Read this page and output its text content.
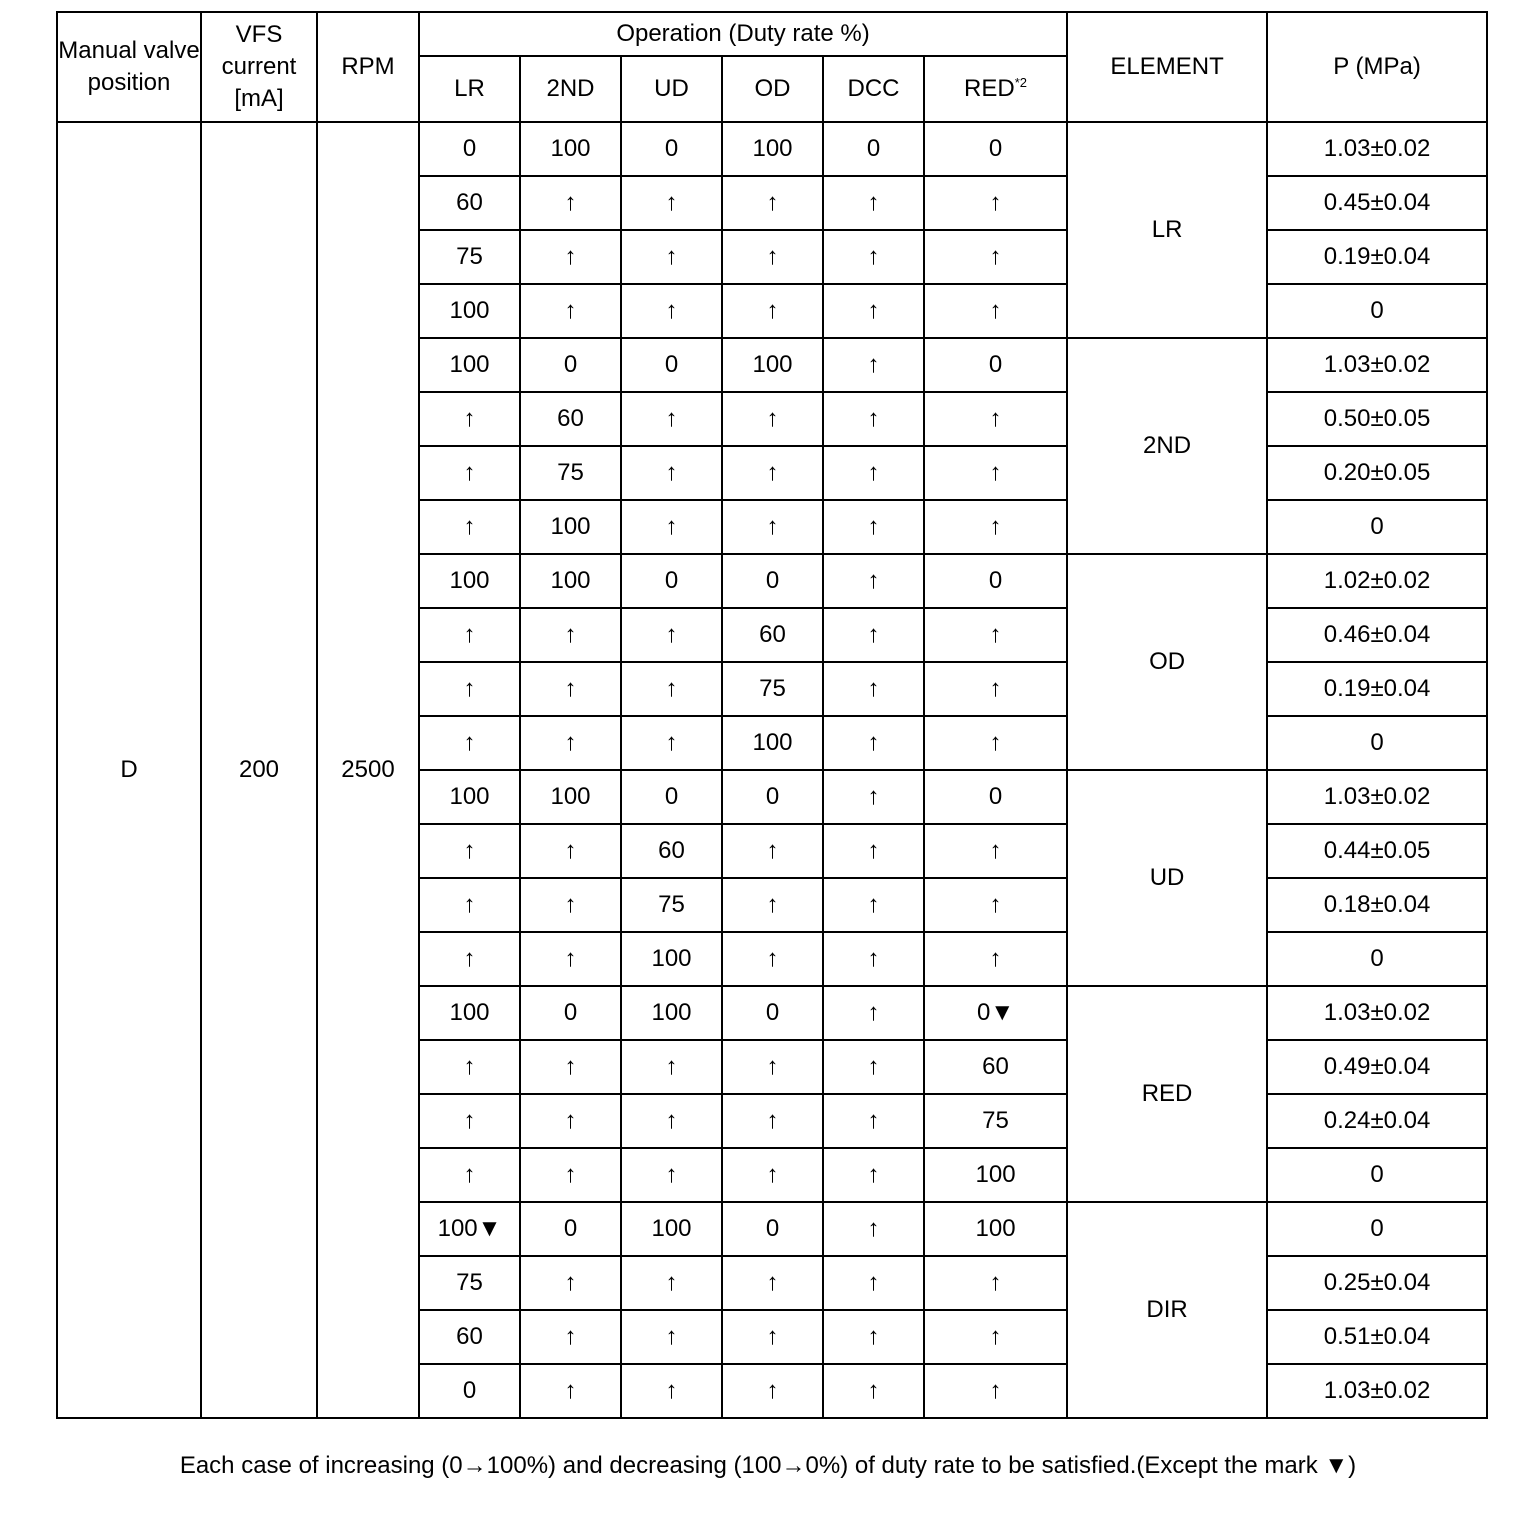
Manual valve position	VFS current [mA]	RPM	Operation (Duty rate %)						ELEMENT	P (MPa)
			LR	2ND	UD	OD	DCC	RED$^{*2}$
D	200	2500	0	100	0	100	0	0	LR	1.03±0.02
			60	↑	↑	↑	↑	↑		0.45±0.04
			75	↑	↑	↑	↑	↑		0.19±0.04
			100	↑	↑	↑	↑	↑		0
			100	0	0	100	↑	0	2ND	1.03±0.02
			↑	60	↑	↑	↑	↑		0.50±0.05
			↑	75	↑	↑	↑	↑		0.20±0.05
			↑	100	↑	↑	↑	↑		0
			100	100	0	0	↑	0	OD	1.02±0.02
			↑	↑	↑	60	↑	↑		0.46±0.04
			↑	↑	↑	75	↑	↑		0.19±0.04
			↑	↑	↑	100	↑	↑		0
			100	100	0	0	↑	0	UD	1.03±0.02
			↑	↑	60	↑	↑	↑		0.44±0.05
			↑	↑	75	↑	↑	↑		0.18±0.04
			↑	↑	100	↑	↑	↑		0
			100	0	100	0	↑	0▼	RED	1.03±0.02
			↑	↑	↑	↑	↑	60		0.49±0.04
			↑	↑	↑	↑	↑	75		0.24±0.04
			↑	↑	↑	↑	↑	100		0
			100▼	0	100	0	↑	100	DIR	0
			75	↑	↑	↑	↑	↑		0.25±0.04
			60	↑	↑	↑	↑	↑		0.51±0.04
			0	↑	↑	↑	↑	↑		1.03±0.02
Each case of increasing (0→100%) and decreasing (100→0%) of duty rate to be satisfied.(Except the mark ▼)
